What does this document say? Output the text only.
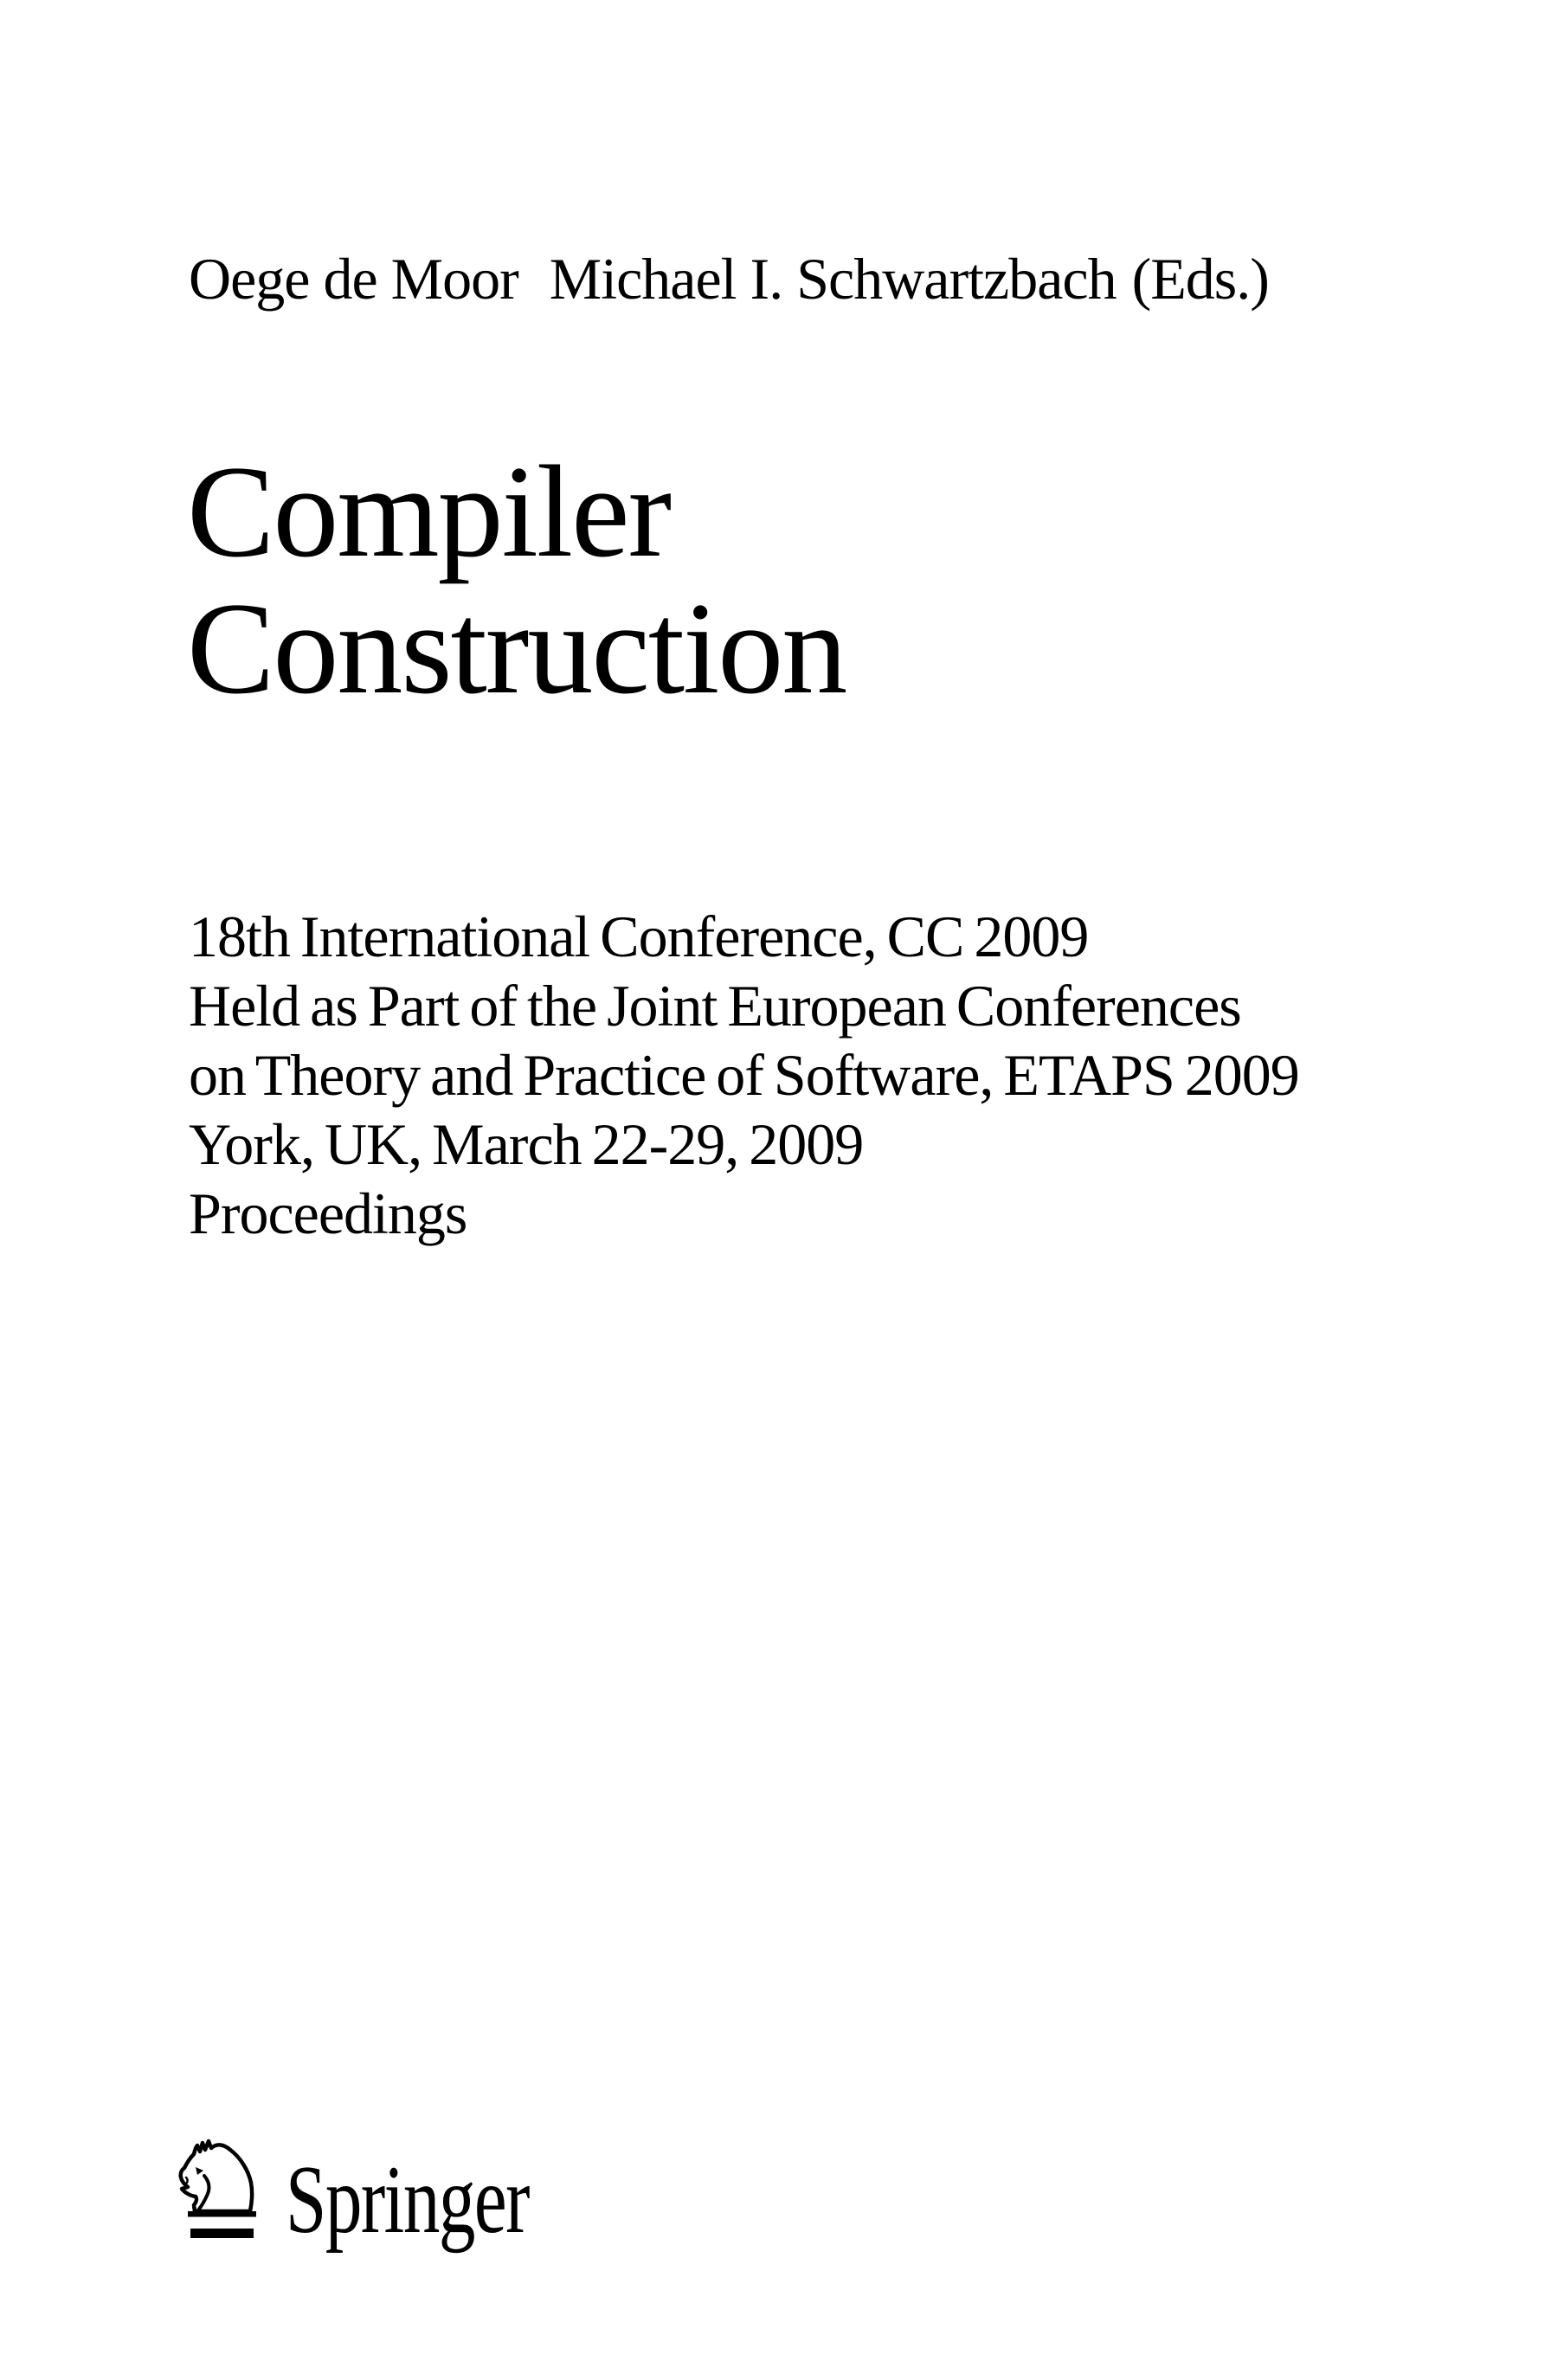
Oege de Moor Michael I. Schwartzbach (Eds.)
Compiler
Construction
18th International Conference, CC 2009
Held as Part of the Joint European Conferences
on Theory and Practice of Software, ETAPS 2009
York, UK, March 22-29, 2009
Proceedings
Springer
